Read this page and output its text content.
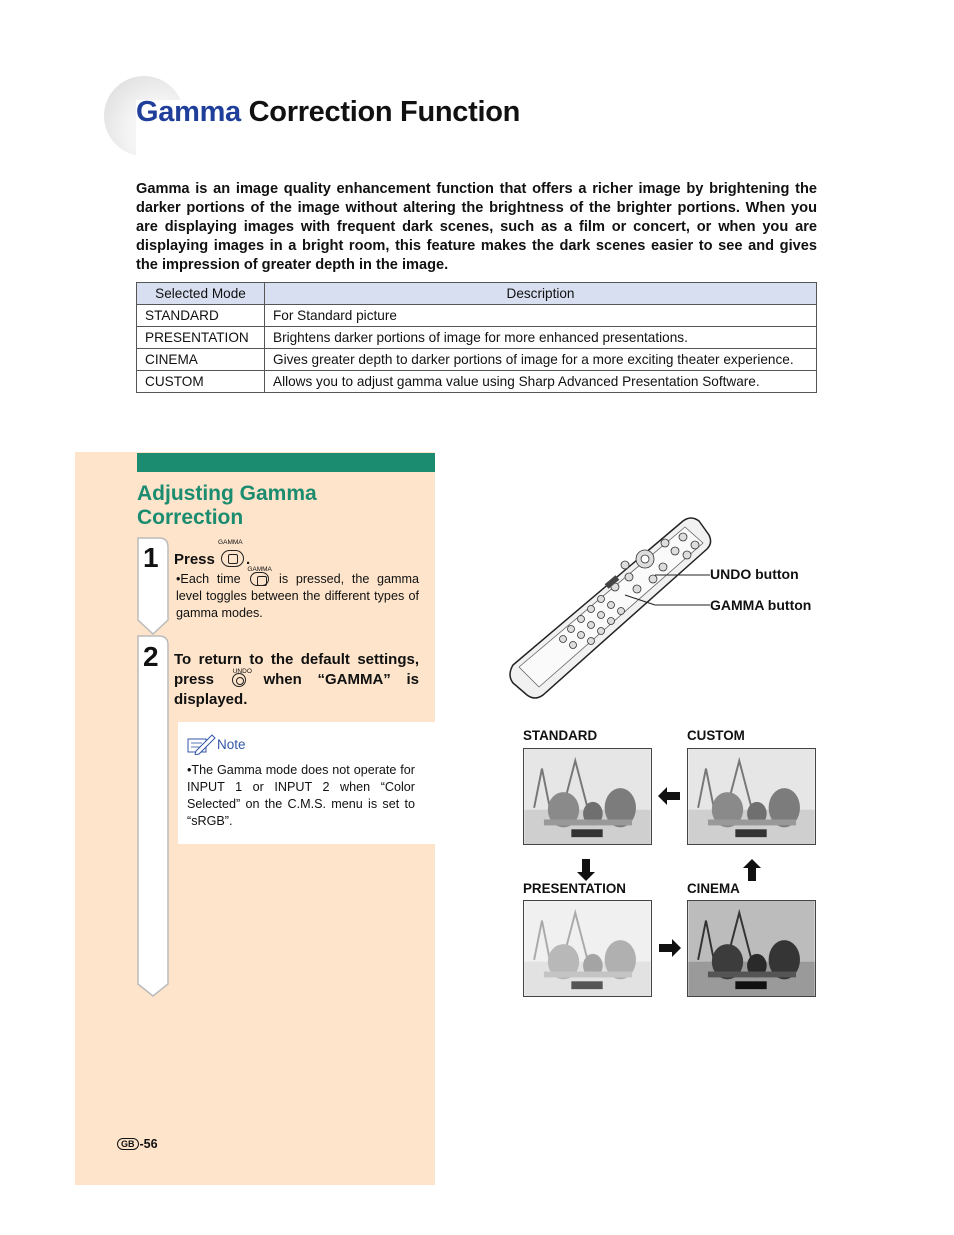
Gamma Correction Function

Gamma is an image quality enhancement function that offers a richer image by brightening the darker portions of the image without altering the brightness of the brighter portions. When you are displaying images with frequent dark scenes, such as a film or concert, or when you are displaying images in a bright room, this feature makes the dark scenes easier to see and gives the impression of greater depth in the image.

Selected Mode	Description
STANDARD	For Standard picture
PRESENTATION	Brightens darker portions of image for more enhanced presentations.
CINEMA	Gives greater depth to darker portions of image for a more exciting theater experience.
CUSTOM	Allows you to adjust gamma value using Sharp Advanced Presentation Software.
Adjusting Gamma
Correction
1
2
Press
GAMMA
.
•Each time
GAMMA
is pressed, the gamma level toggles between the different types of gamma modes.
To return to the default settings, press	UNDO when “GAMMA” is displayed.
Note
•The Gamma mode does not operate for INPUT 1 or INPUT 2 when “Color Selected” on the C.M.S. menu is set to “sRGB”.
GB -56
UNDO button
GAMMA button
STANDARD	CUSTOM
PRESENTATION	CINEMA
